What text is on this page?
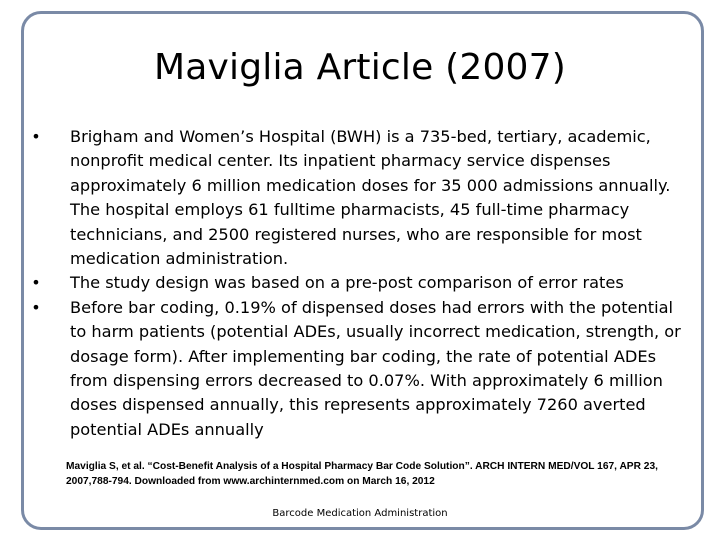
Maviglia Article (2007)
•	Brigham and Women’s Hospital (BWH) is a 735-bed, tertiary, academic, nonprofit medical center. Its inpatient pharmacy service dispenses approximately 6 million medication doses for 35 000 admissions annually. The hospital employs 61 fulltime pharmacists, 45 full-time pharmacy technicians, and 2500 registered nurses, who are responsible for most medication administration.
•	The study design was based on a pre-post comparison of error rates
•	Before bar coding, 0.19% of dispensed doses had errors with the potential to harm patients (potential ADEs, usually incorrect medication, strength, or dosage form). After implementing bar coding, the rate of potential ADEs from dispensing errors decreased to 0.07%. With approximately 6 million doses dispensed annually, this represents approximately 7260 averted potential ADEs annually
Maviglia S, et al. “Cost-Benefit Analysis of a Hospital Pharmacy Bar Code Solution”. ARCH INTERN MED/VOL 167, APR 23, 2007,788-794. Downloaded from www.archinternmed.com on March 16, 2012
Barcode Medication Administration
